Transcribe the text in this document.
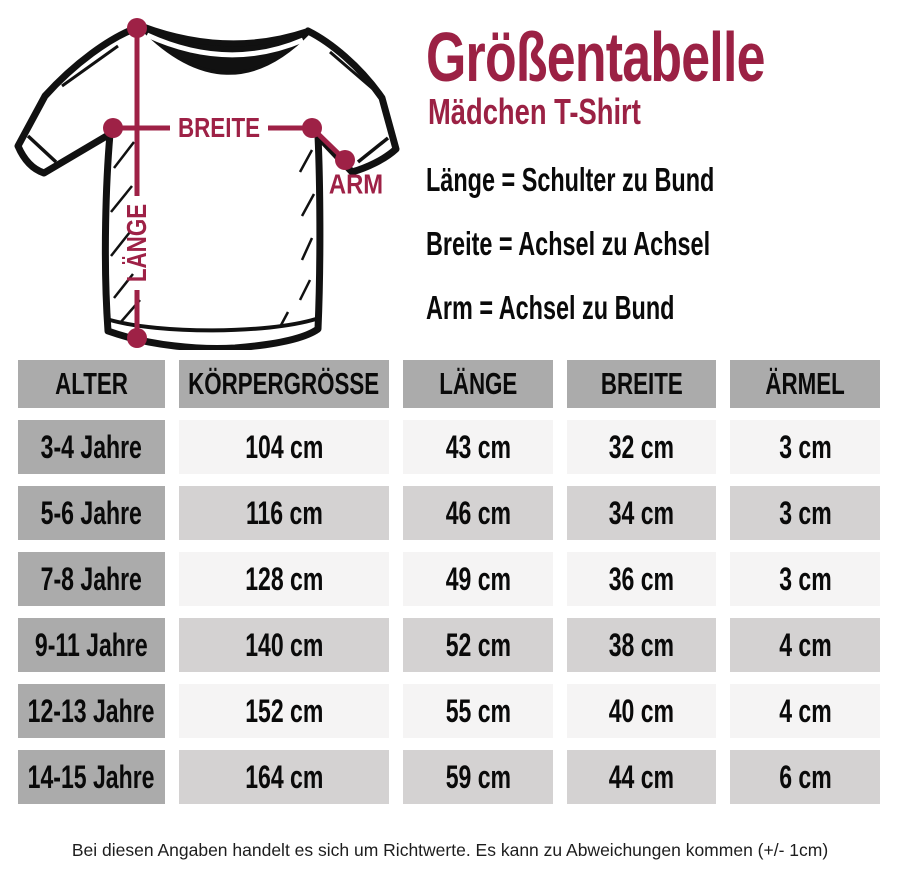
BREITE
LÄNGE
ARM
Größentabelle
Mädchen T-Shirt
Länge = Schulter zu Bund
Breite = Achsel zu Achsel
Arm = Achsel zu Bund
ALTER KÖRPERGRÖSSE LÄNGE	BREITE	ÄRMEL
3-4 Jahre	104 cm	43 cm	32 cm	3 cm
5-6 Jahre	116 cm	46 cm	34 cm	3 cm
7-8 Jahre	128 cm	49 cm	36 cm	3 cm
9-11 Jahre	140 cm	52 cm	38 cm	4 cm
12-13 Jahre	152 cm	55 cm	40 cm	4 cm
14-15 Jahre	164 cm	59 cm	44 cm	6 cm
Bei diesen Angaben handelt es sich um Richtwerte. Es kann zu Abweichungen kommen (+/- 1cm)
